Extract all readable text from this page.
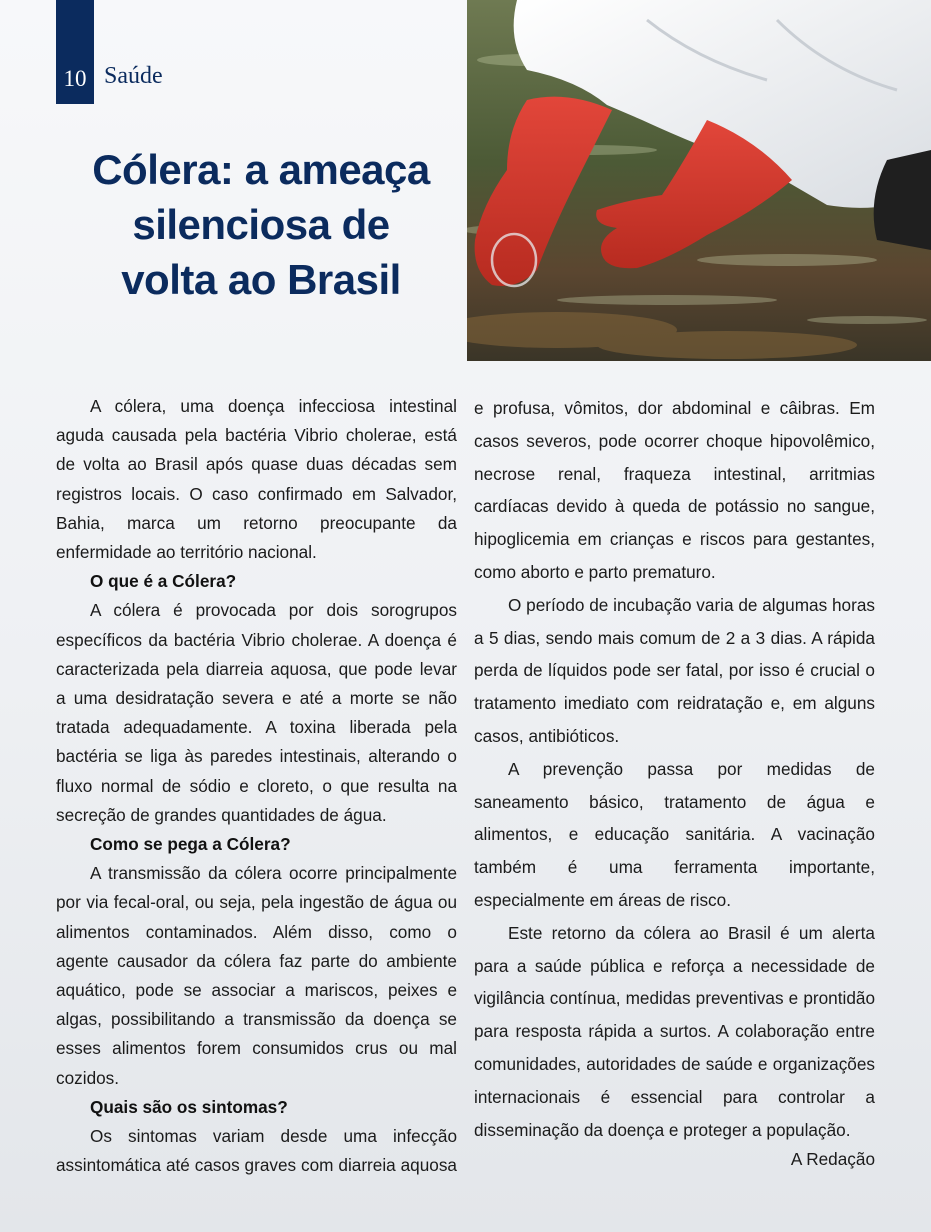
10 Saúde
Cólera: a ameaça
silenciosa de
volta ao Brasil

A cólera, uma doença infecciosa intestinal aguda causada pela bactéria Vibrio cholerae, está de volta ao Brasil após quase duas décadas sem registros locais. O caso confirmado em Salvador, Bahia, marca um retorno preocupante da enfermidade ao território nacional.

O que é a Cólera?

A cólera é provocada por dois sorogrupos específicos da bactéria Vibrio cholerae. A doença é caracterizada pela diarreia aquosa, que pode levar a uma desidratação severa e até a morte se não tratada adequadamente. A toxina liberada pela bactéria se liga às paredes intestinais, alterando o fluxo normal de sódio e cloreto, o que resulta na secreção de grandes quantidades de água.

Como se pega a Cólera?

A transmissão da cólera ocorre principalmente por via fecal-oral, ou seja, pela ingestão de água ou alimentos contaminados. Além disso, como o agente causador da cólera faz parte do ambiente aquático, pode se associar a mariscos, peixes e algas, possibilitando a transmissão da doença se esses alimentos forem consumidos crus ou mal cozidos.

Quais são os sintomas?

Os sintomas variam desde uma infecção assintomática até casos graves com diarreia aquosa

e profusa, vômitos, dor abdominal e câibras. Em casos severos, pode ocorrer choque hipovolêmico, necrose renal, fraqueza intestinal, arritmias cardíacas devido à queda de potássio no sangue, hipoglicemia em crianças e riscos para gestantes, como aborto e parto prematuro.

O período de incubação varia de algumas horas a 5 dias, sendo mais comum de 2 a 3 dias. A rápida perda de líquidos pode ser fatal, por isso é crucial o tratamento imediato com reidratação e, em alguns casos, antibióticos.

A prevenção passa por medidas de saneamento básico, tratamento de água e alimentos, e educação sanitária. A vacinação também é uma ferramenta importante, especialmente em áreas de risco.

Este retorno da cólera ao Brasil é um alerta para a saúde pública e reforça a necessidade de vigilância contínua, medidas preventivas e prontidão para resposta rápida a surtos. A colaboração entre comunidades, autoridades de saúde e organizações internacionais é essencial para controlar a disseminação da doença e proteger a população.

A Redação
